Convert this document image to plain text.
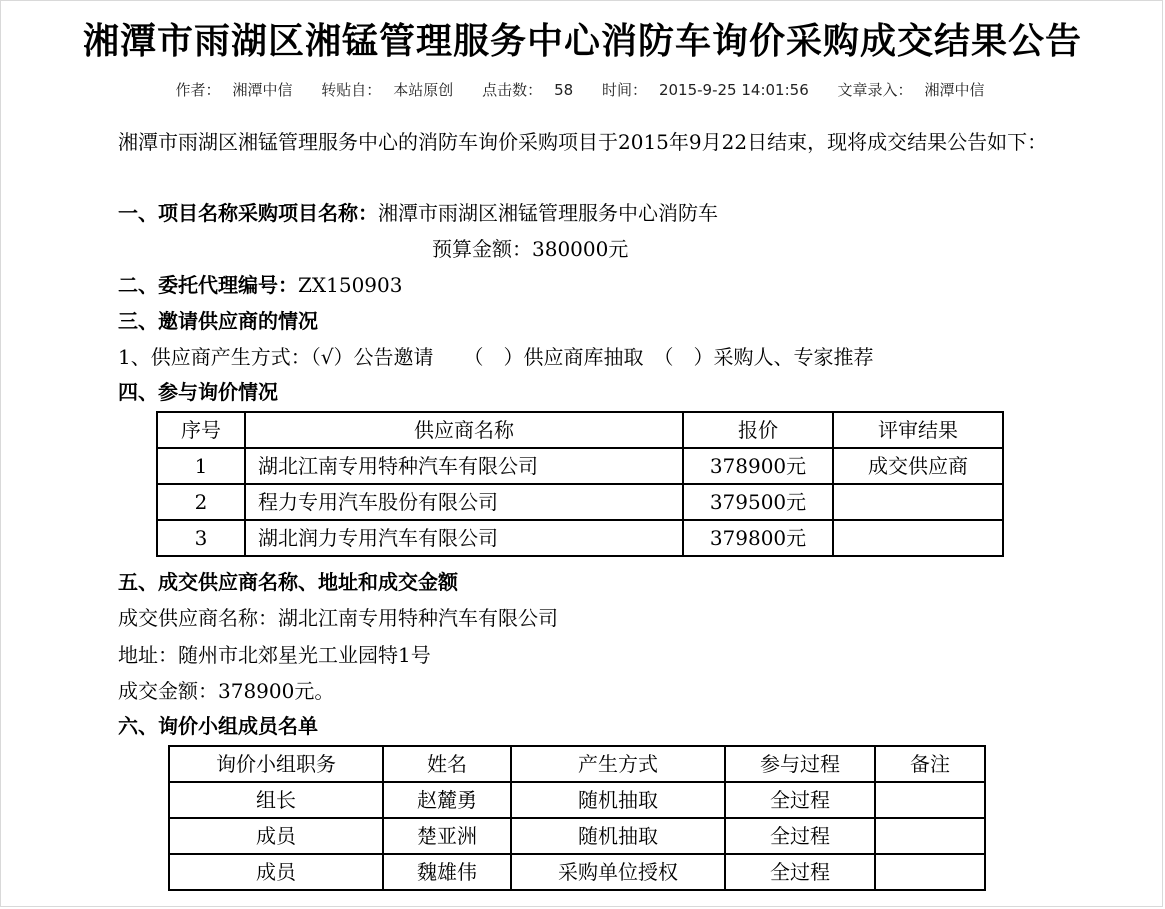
湘潭市雨湖区湘锰管理服务中心消防车询价采购成交结果公告
作者： 湘潭中信 转贴自： 本站原创 点击数： 58 时间： 2015-9-25 14:01:56 文章录入： 湘潭中信
湘潭市雨湖区湘锰管理服务中心的消防车询价采购项目于2015年9月22日结束，现将成交结果公告如下：
一、项目名称采购项目名称：湘潭市雨湖区湘锰管理服务中心消防车
预算金额：380000元
二、委托代理编号：ZX150903
三、邀请供应商的情况
1、供应商产生方式：（√）公告邀请　　（　）供应商库抽取　（　）采购人、专家推荐
四、参与询价情况
序号	供应商名称	报价	评审结果
1	湖北江南专用特种汽车有限公司	378900元	成交供应商
2	程力专用汽车股份有限公司	379500元	
3	湖北润力专用汽车有限公司	379800元	
五、成交供应商名称、地址和成交金额
成交供应商名称：湖北江南专用特种汽车有限公司
地址：随州市北郊星光工业园特1号
成交金额：378900元。
六、询价小组成员名单
询价小组职务	姓名	产生方式	参与过程	备注
组长	赵麓勇	随机抽取	全过程	
成员	楚亚洲	随机抽取	全过程	
成员	魏雄伟	采购单位授权	全过程	
